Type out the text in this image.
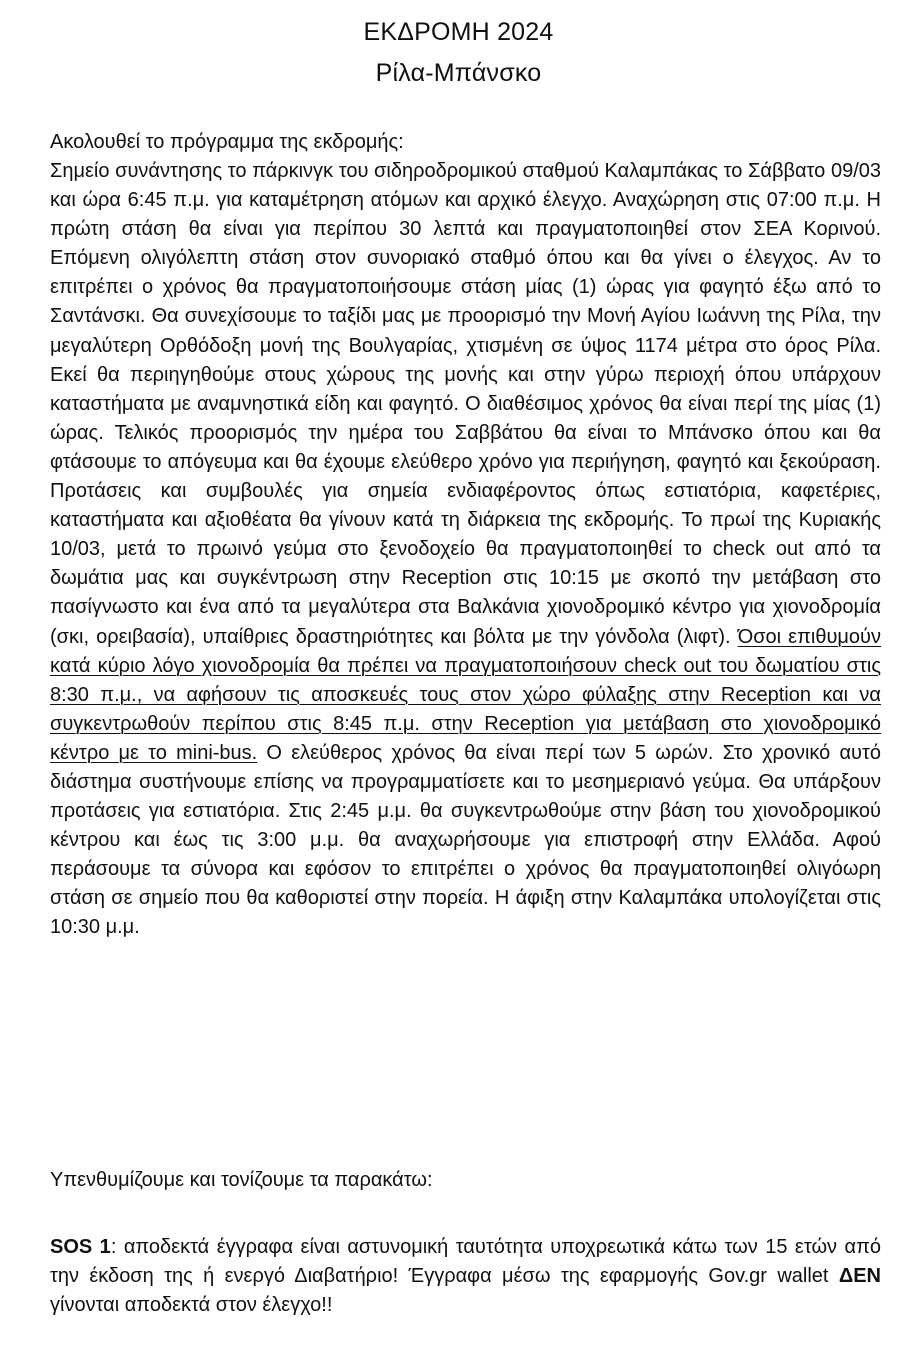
ΕΚΔΡΟΜΗ 2024
Ρίλα-Μπάνσκο
Ακολουθεί το πρόγραμμα της εκδρομής:

Σημείο συνάντησης το πάρκινγκ του σιδηροδρομικού σταθμού Καλαμπάκας το Σάββατο 09/03 και ώρα 6:45 π.μ. για καταμέτρηση ατόμων και αρχικό έλεγχο. Αναχώρηση στις 07:00 π.μ. Η πρώτη στάση θα είναι για περίπου 30 λεπτά και πραγματοποιηθεί στον ΣΕΑ Κορινού. Επόμενη ολιγόλεπτη στάση στον συνοριακό σταθμό όπου και θα γίνει ο έλεγχος. Αν το επιτρέπει ο χρόνος θα πραγματοποιήσουμε στάση μίας (1) ώρας για φαγητό έξω από το Σαντάνσκι. Θα συνεχίσουμε το ταξίδι μας με προορισμό την Μονή Αγίου Ιωάννη της Ρίλα, την μεγαλύτερη Ορθόδοξη μονή της Βουλγαρίας, χτισμένη σε ύψος 1174 μέτρα στο όρος Ρίλα. Εκεί θα περιηγηθούμε στους χώρους της μονής και στην γύρω περιοχή όπου υπάρχουν καταστήματα με αναμνηστικά είδη και φαγητό. Ο διαθέσιμος χρόνος θα είναι περί της μίας (1) ώρας. Τελικός προορισμός την ημέρα του Σαββάτου θα είναι το Μπάνσκο όπου και θα φτάσουμε το απόγευμα και θα έχουμε ελεύθερο χρόνο για περιήγηση, φαγητό και ξεκούραση. Προτάσεις και συμβουλές για σημεία ενδιαφέροντος όπως εστιατόρια, καφετέριες, καταστήματα και αξιοθέατα θα γίνουν κατά τη διάρκεια της εκδρομής. Το πρωί της Κυριακής 10/03, μετά το πρωινό γεύμα στο ξενοδοχείο θα πραγματοποιηθεί το check out από τα δωμάτια μας και συγκέντρωση στην Reception στις 10:15 με σκοπό την μετάβαση στο πασίγνωστο και ένα από τα μεγαλύτερα στα Βαλκάνια χιονοδρομικό κέντρο για χιονοδρομία (σκι, ορειβασία), υπαίθριες δραστηριότητες και βόλτα με την γόνδολα (λιφτ). Όσοι επιθυμούν κατά κύριο λόγο χιονοδρομία θα πρέπει να πραγματοποιήσουν check out του δωματίου στις 8:30 π.μ., να αφήσουν τις αποσκευές τους στον χώρο φύλαξης στην Reception και να συγκεντρωθούν περίπου στις 8:45 π.μ. στην Reception για μετάβαση στο χιονοδρομικό κέντρο με το mini-bus. Ο ελεύθερος χρόνος θα είναι περί των 5 ωρών. Στο χρονικό αυτό διάστημα συστήνουμε επίσης να προγραμματίσετε και το μεσημεριανό γεύμα. Θα υπάρξουν προτάσεις για εστιατόρια. Στις 2:45 μ.μ. θα συγκεντρωθούμε στην βάση του χιονοδρομικού κέντρου και έως τις 3:00 μ.μ. θα αναχωρήσουμε για επιστροφή στην Ελλάδα. Αφού περάσουμε τα σύνορα και εφόσον το επιτρέπει ο χρόνος θα πραγματοποιηθεί ολιγόωρη στάση σε σημείο που θα καθοριστεί στην πορεία. Η άφιξη στην Καλαμπάκα υπολογίζεται στις 10:30 μ.μ.

Υπενθυμίζουμε και τονίζουμε τα παρακάτω:
SOS 1: αποδεκτά έγγραφα είναι αστυνομική ταυτότητα υποχρεωτικά κάτω των 15 ετών από την έκδοση της ή ενεργό Διαβατήριο! Έγγραφα μέσω της εφαρμογής Gov.gr wallet ΔΕΝ γίνονται αποδεκτά στον έλεγχο!!
